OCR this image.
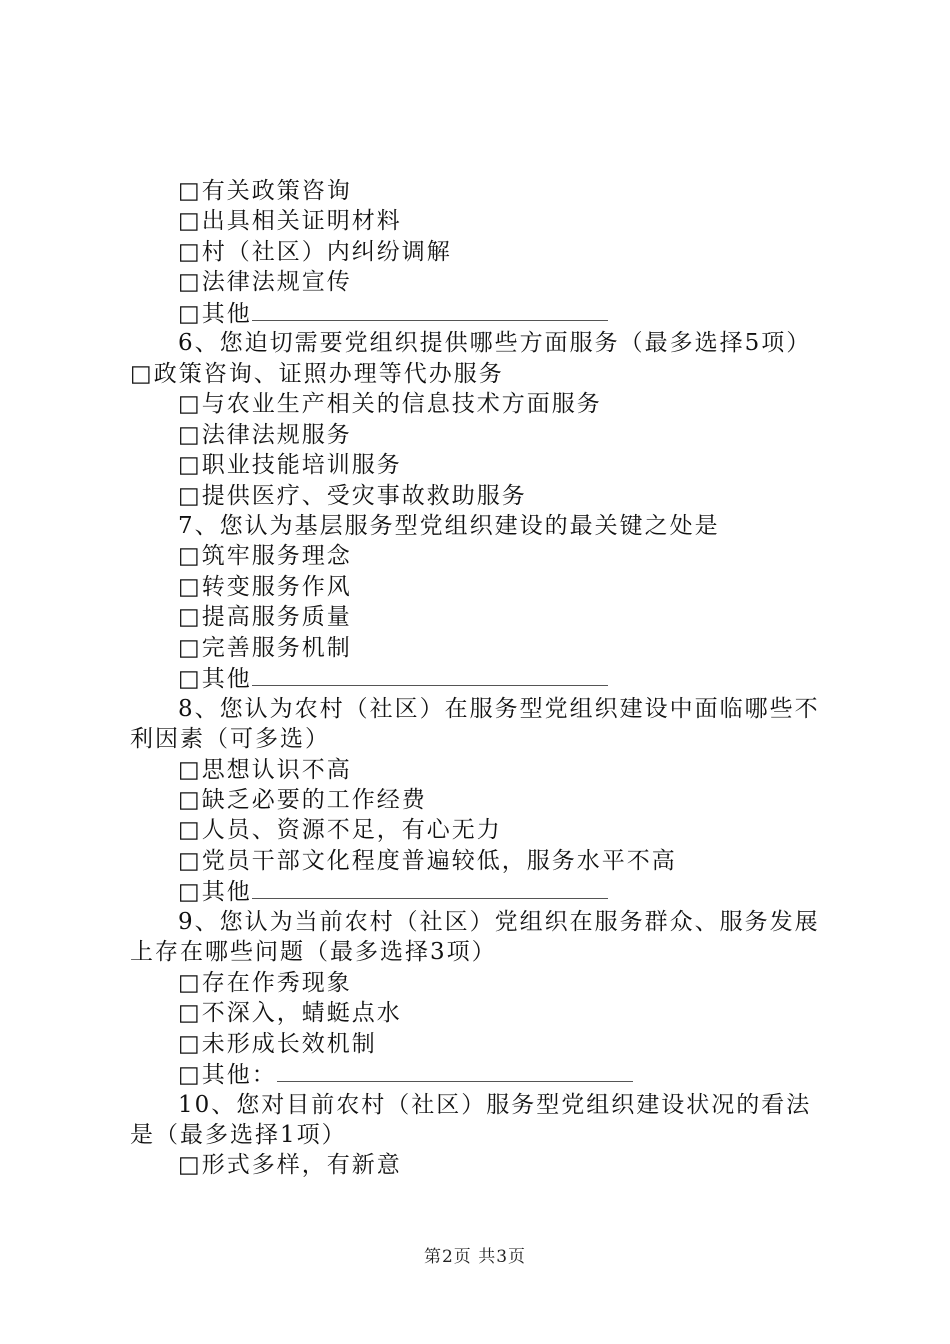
□有关政策咨询
□出具相关证明材料
□村（社区）内纠纷调解
□法律法规宣传
□其他
6、您迫切需要党组织提供哪些方面服务（最多选择5项）
□政策咨询、证照办理等代办服务
□与农业生产相关的信息技术方面服务
□法律法规服务
□职业技能培训服务
□提供医疗、受灾事故救助服务
7、您认为基层服务型党组织建设的最关键之处是
□筑牢服务理念
□转变服务作风
□提高服务质量
□完善服务机制
□其他
8、您认为农村（社区）在服务型党组织建设中面临哪些不
利因素（可多选）
□思想认识不高
□缺乏必要的工作经费
□人员、资源不足，有心无力
□党员干部文化程度普遍较低，服务水平不高
□其他
9、您认为当前农村（社区）党组织在服务群众、服务发展
上存在哪些问题（最多选择3项）
□存在作秀现象
□不深入，蜻蜓点水
□未形成长效机制
□其他：
10、您对目前农村（社区）服务型党组织建设状况的看法
是（最多选择1项）
□形式多样，有新意
第2页 共3页
